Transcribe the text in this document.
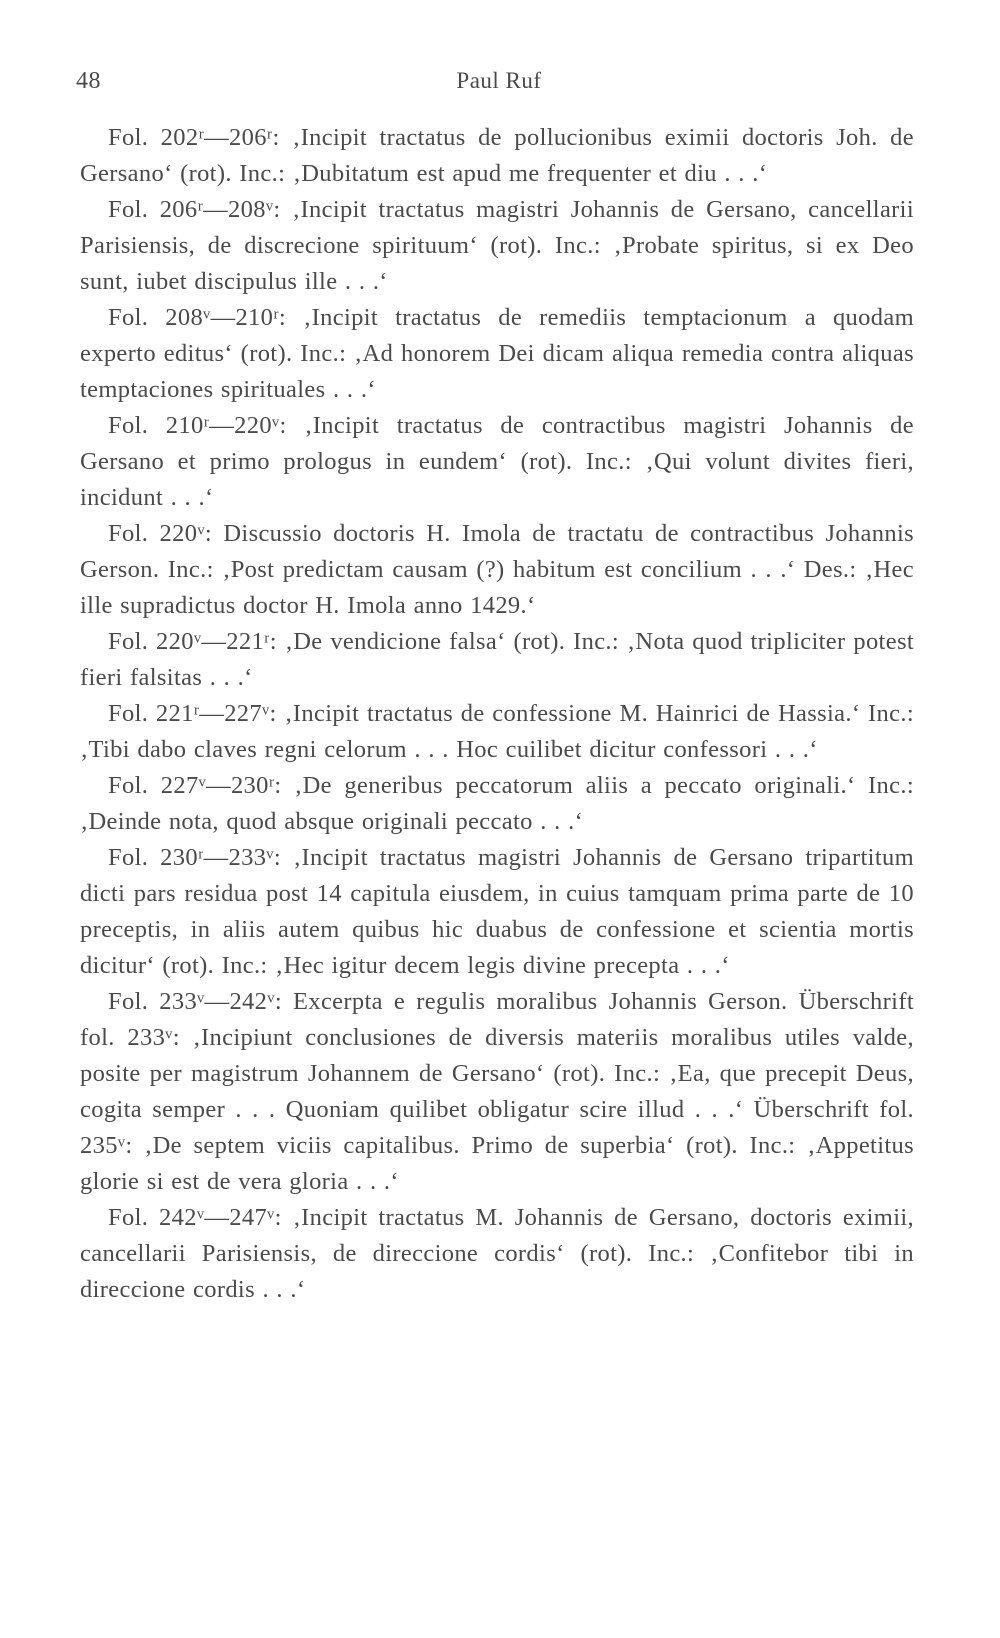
48	Paul Ruf

Fol. 202ʳ—206ʳ: ‚Incipit tractatus de pollucionibus eximii doctoris Joh. de Gersano‘ (rot). Inc.: ‚Dubitatum est apud me frequenter et diu . . .‘

Fol. 206ʳ—208ᵛ: ‚Incipit tractatus magistri Johannis de Gersano, cancellarii Parisiensis, de discrecione spirituum‘ (rot). Inc.: ‚Probate spiritus, si ex Deo sunt, iubet discipulus ille . . .‘

Fol. 208ᵛ—210ʳ: ‚Incipit tractatus de remediis temptacionum a quodam experto editus‘ (rot). Inc.: ‚Ad honorem Dei dicam aliqua remedia contra aliquas temptaciones spirituales . . .‘

Fol. 210ʳ—220ᵛ: ‚Incipit tractatus de contractibus magistri Johannis de Gersano et primo prologus in eundem‘ (rot). Inc.: ‚Qui volunt divites fieri, incidunt . . .‘

Fol. 220ᵛ: Discussio doctoris H. Imola de tractatu de contractibus Johannis Gerson. Inc.: ‚Post predictam causam (?) habitum est concilium . . .‘ Des.: ‚Hec ille supradictus doctor H. Imola anno 1429.‘

Fol. 220ᵛ—221ʳ: ‚De vendicione falsa‘ (rot). Inc.: ‚Nota quod tripliciter potest fieri falsitas . . .‘

Fol. 221ʳ—227ᵛ: ‚Incipit tractatus de confessione M. Hainrici de Hassia.‘ Inc.: ‚Tibi dabo claves regni celorum . . . Hoc cuilibet dicitur confessori . . .‘

Fol. 227ᵛ—230ʳ: ‚De generibus peccatorum aliis a peccato originali.‘ Inc.: ‚Deinde nota, quod absque originali peccato . . .‘

Fol. 230ʳ—233ᵛ: ‚Incipit tractatus magistri Johannis de Gersano tripartitum dicti pars residua post 14 capitula eiusdem, in cuius tamquam prima parte de 10 preceptis, in aliis autem quibus hic duabus de confessione et scientia mortis dicitur‘ (rot). Inc.: ‚Hec igitur decem legis divine precepta . . .‘

Fol. 233ᵛ—242ᵛ: Excerpta e regulis moralibus Johannis Gerson. Überschrift fol. 233ᵛ: ‚Incipiunt conclusiones de diversis materiis moralibus utiles valde, posite per magistrum Johannem de Gersano‘ (rot). Inc.: ‚Ea, que precepit Deus, cogita semper . . . Quoniam quilibet obligatur scire illud . . .‘ Überschrift fol. 235ᵛ: ‚De septem viciis capitalibus. Primo de superbia‘ (rot). Inc.: ‚Appetitus glorie si est de vera gloria . . .‘

Fol. 242ᵛ—247ᵛ: ‚Incipit tractatus M. Johannis de Gersano, doctoris eximii, cancellarii Parisiensis, de direccione cordis‘ (rot). Inc.: ‚Confitebor tibi in direccione cordis . . .‘
